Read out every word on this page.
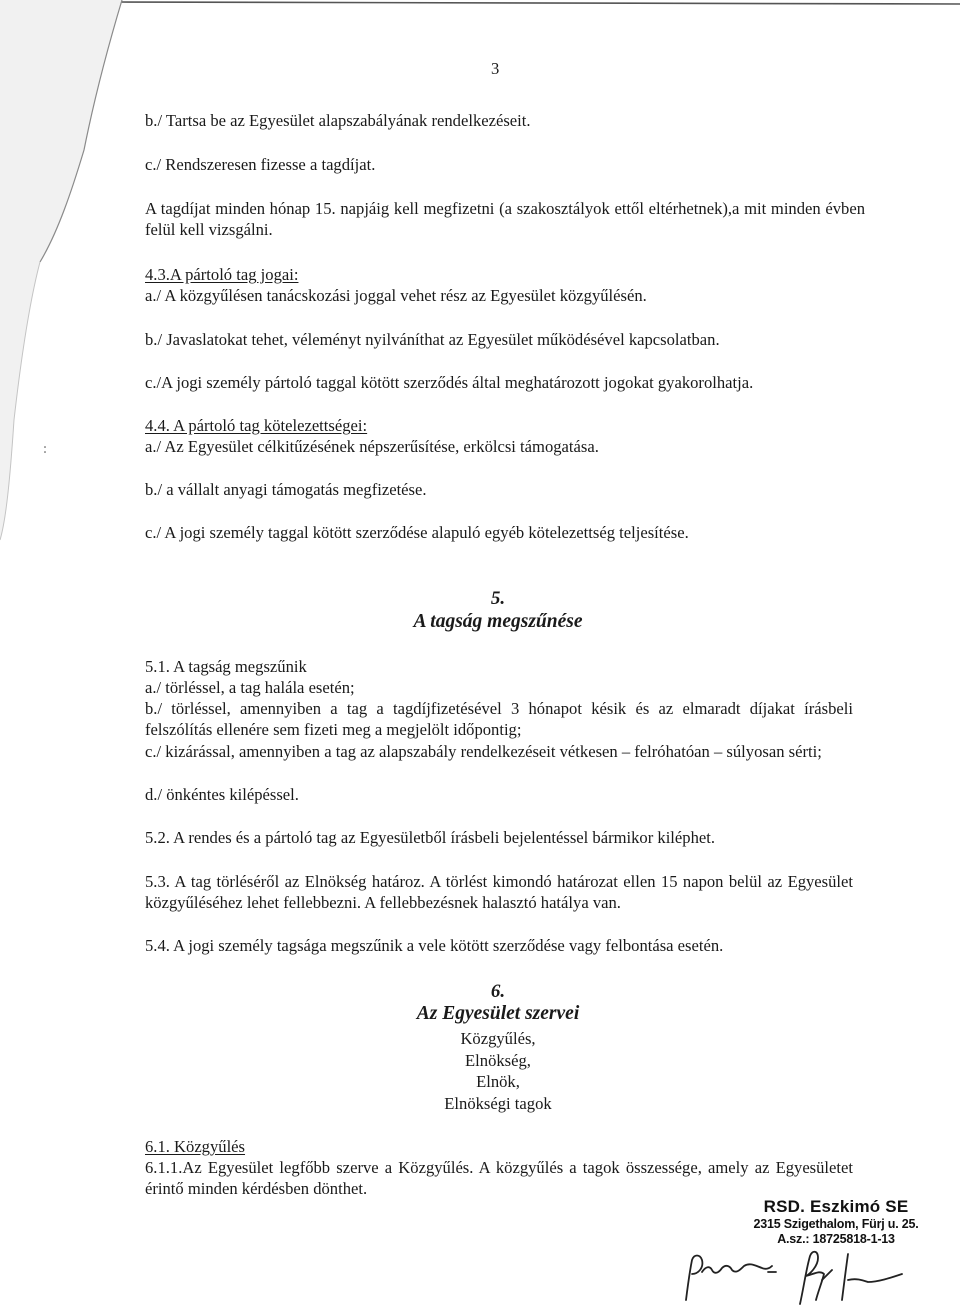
3
b./ Tartsa be az Egyesület alapszabályának rendelkezéseit.
c./ Rendszeresen fizesse a tagdíjat.
A tagdíjat minden hónap 15. napjáig kell megfizetni (a szakosztályok ettől eltérhetnek),a mit minden évben felül kell vizsgálni.
4.3.A pártoló tag jogai:
a./ A közgyűlésen tanácskozási joggal vehet rész az Egyesület közgyűlésén.
b./ Javaslatokat tehet, véleményt nyilváníthat az Egyesület működésével kapcsolatban.
c./A jogi személy pártoló taggal kötött szerződés által meghatározott jogokat gyakorolhatja.
4.4. A pártoló tag kötelezettségei:
a./ Az Egyesület célkitűzésének népszerűsítése, erkölcsi támogatása.
b./ a vállalt anyagi támogatás megfizetése.
c./ A jogi személy taggal kötött szerződése alapuló egyéb kötelezettség teljesítése.
5.
A tagság megszűnése
5.1. A tagság megszűnik
a./ törléssel, a tag halála esetén;
b./ törléssel, amennyiben a tag a tagdíjfizetésével 3 hónapot késik és az elmaradt díjakat írásbeli felszólítás ellenére sem fizeti meg a megjelölt időpontig;
c./ kizárással, amennyiben a tag az alapszabály rendelkezéseit vétkesen – felróhatóan – súlyosan sérti;
d./ önkéntes kilépéssel.
5.2. A rendes és a pártoló tag az Egyesületből írásbeli bejelentéssel bármikor kiléphet.
5.3. A tag törléséről az Elnökség határoz. A törlést kimondó határozat ellen 15 napon belül az Egyesület közgyűléséhez lehet fellebbezni. A fellebbezésnek halasztó hatálya van.
5.4. A jogi személy tagsága megszűnik a vele kötött szerződése vagy felbontása esetén.
6.
Az Egyesület szervei
Közgyűlés,
Elnökség,
Elnök,
Elnökségi tagok
6.1. Közgyűlés
6.1.1.Az Egyesület legfőbb szerve a Közgyűlés. A közgyűlés a tagok összessége, amely az Egyesületet érintő minden kérdésben dönthet.
RSD. Eszkimó SE
2315 Szigethalom, Fürj u. 25.
A.sz.: 18725818-1-13
